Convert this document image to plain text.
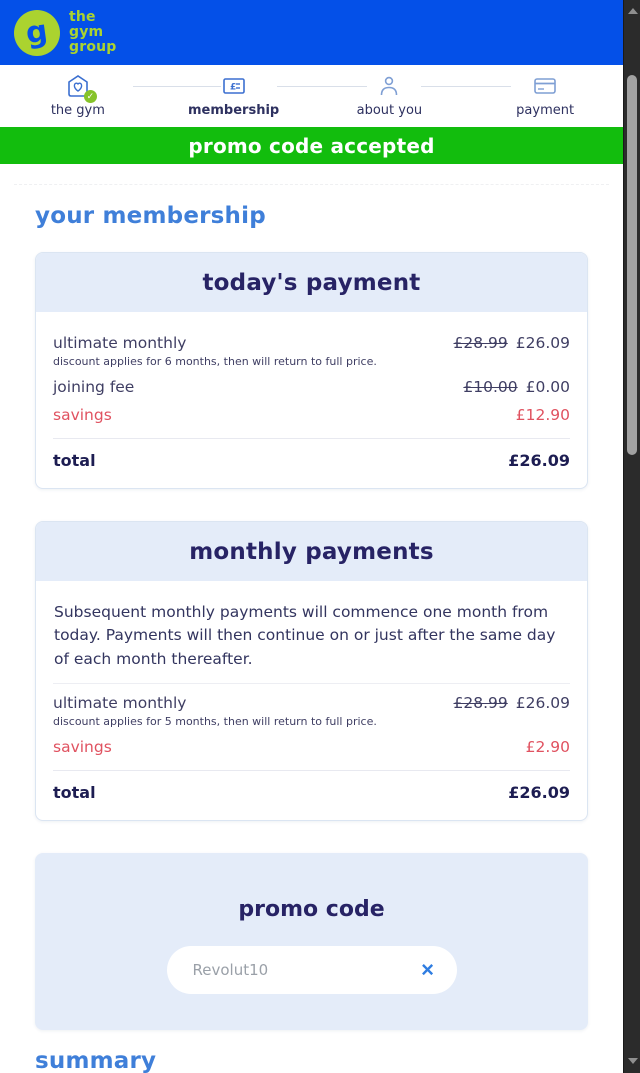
g the
gym
group
✓
the gym
£
membership	about you	payment
promo code accepted
your membership
today's payment
ultimate monthly	£28.99 £26.09
discount applies for 6 months, then will return to full price.
joining fee	£10.00 £0.00
savings	£12.90
total	£26.09
monthly payments

Subsequent monthly payments will commence one month from today. Payments will then continue on or just after the same day of each month thereafter.

ultimate monthly	£28.99 £26.09
discount applies for 5 months, then will return to full price.
savings	£2.90
total	£26.09
promo code
Revolut10
×
summary
